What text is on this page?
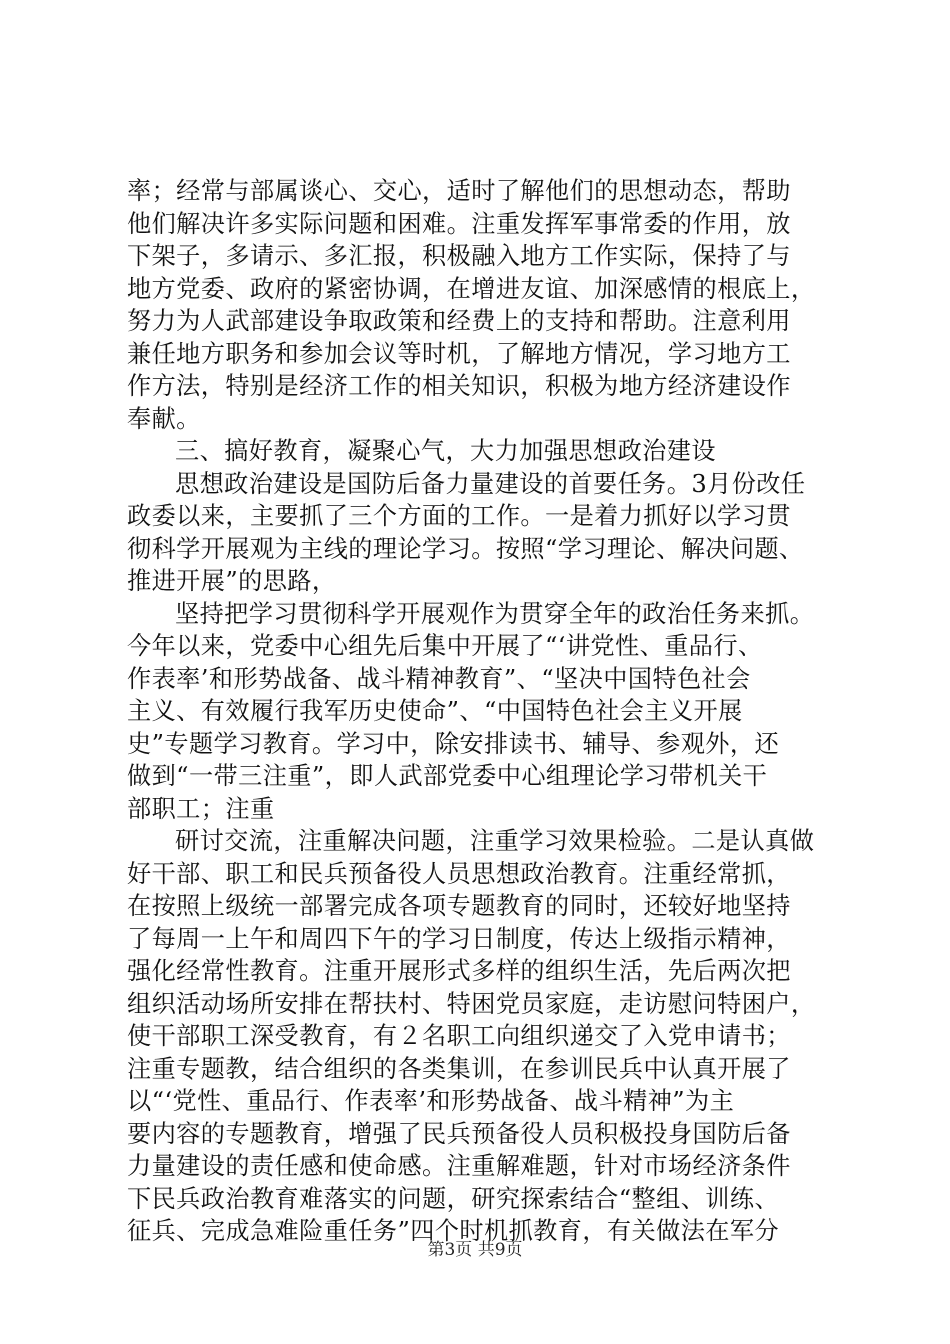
率；经常与部属谈心、交心，适时了解他们的思想动态，帮助
他们解决许多实际问题和困难。注重发挥军事常委的作用，放
下架子，多请示、多汇报，积极融入地方工作实际，保持了与
地方党委、政府的紧密协调，在增进友谊、加深感情的根底上，
努力为人武部建设争取政策和经费上的支持和帮助。注意利用
兼任地方职务和参加会议等时机，了解地方情况，学习地方工
作方法，特别是经济工作的相关知识，积极为地方经济建设作
奉献。
三、搞好教育，凝聚心气，大力加强思想政治建设
思想政治建设是国防后备力量建设的首要任务。3月份改任
政委以来，主要抓了三个方面的工作。一是着力抓好以学习贯
彻科学开展观为主线的理论学习。按照“学习理论、解决问题、
推进开展”的思路，
坚持把学习贯彻科学开展观作为贯穿全年的政治任务来抓。
今年以来，党委中心组先后集中开展了“‘讲党性、重品行、
作表率’和形势战备、战斗精神教育”、“坚决中国特色社会
主义、有效履行我军历史使命”、“中国特色社会主义开展
史”专题学习教育。学习中，除安排读书、辅导、参观外，还
做到“一带三注重”，即人武部党委中心组理论学习带机关干
部职工；注重
研讨交流，注重解决问题，注重学习效果检验。二是认真做
好干部、职工和民兵预备役人员思想政治教育。注重经常抓，
在按照上级统一部署完成各项专题教育的同时，还较好地坚持
了每周一上午和周四下午的学习日制度，传达上级指示精神，
强化经常性教育。注重开展形式多样的组织生活，先后两次把
组织活动场所安排在帮扶村、特困党员家庭，走访慰问特困户，
使干部职工深受教育，有２名职工向组织递交了入党申请书；
注重专题教，结合组织的各类集训，在参训民兵中认真开展了
以“‘党性、重品行、作表率’和形势战备、战斗精神”为主
要内容的专题教育，增强了民兵预备役人员积极投身国防后备
力量建设的责任感和使命感。注重解难题，针对市场经济条件
下民兵政治教育难落实的问题，研究探索结合“整组、训练、
征兵、完成急难险重任务”四个时机抓教育，有关做法在军分
第3页 共9页
